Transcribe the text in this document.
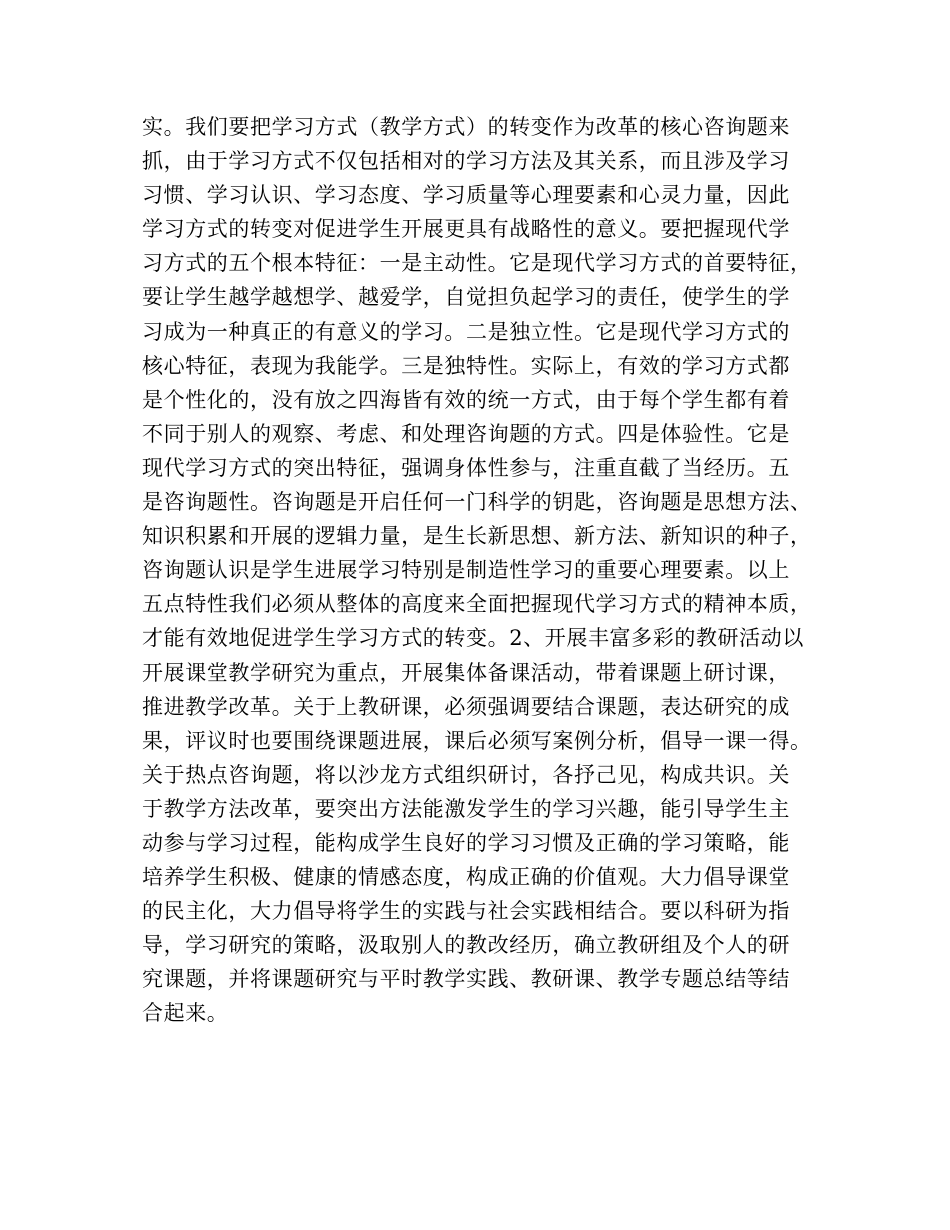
实。我们要把学习方式（教学方式）的转变作为改革的核心咨询题来
抓，由于学习方式不仅包括相对的学习方法及其关系，而且涉及学习
习惯、学习认识、学习态度、学习质量等心理要素和心灵力量，因此
学习方式的转变对促进学生开展更具有战略性的意义。要把握现代学
习方式的五个根本特征：一是主动性。它是现代学习方式的首要特征，
要让学生越学越想学、越爱学，自觉担负起学习的责任，使学生的学
习成为一种真正的有意义的学习。二是独立性。它是现代学习方式的
核心特征，表现为我能学。三是独特性。实际上，有效的学习方式都
是个性化的，没有放之四海皆有效的统一方式，由于每个学生都有着
不同于别人的观察、考虑、和处理咨询题的方式。四是体验性。它是
现代学习方式的突出特征，强调身体性参与，注重直截了当经历。五
是咨询题性。咨询题是开启任何一门科学的钥匙，咨询题是思想方法、
知识积累和开展的逻辑力量，是生长新思想、新方法、新知识的种子，
咨询题认识是学生进展学习特别是制造性学习的重要心理要素。以上
五点特性我们必须从整体的高度来全面把握现代学习方式的精神本质，
才能有效地促进学生学习方式的转变。2、开展丰富多彩的教研活动以
开展课堂教学研究为重点，开展集体备课活动，带着课题上研讨课，
推进教学改革。关于上教研课，必须强调要结合课题，表达研究的成
果，评议时也要围绕课题进展，课后必须写案例分析，倡导一课一得。
关于热点咨询题，将以沙龙方式组织研讨，各抒己见，构成共识。关
于教学方法改革，要突出方法能激发学生的学习兴趣，能引导学生主
动参与学习过程，能构成学生良好的学习习惯及正确的学习策略，能
培养学生积极、健康的情感态度，构成正确的价值观。大力倡导课堂
的民主化，大力倡导将学生的实践与社会实践相结合。要以科研为指
导，学习研究的策略，汲取别人的教改经历，确立教研组及个人的研
究课题，并将课题研究与平时教学实践、教研课、教学专题总结等结
合起来。
